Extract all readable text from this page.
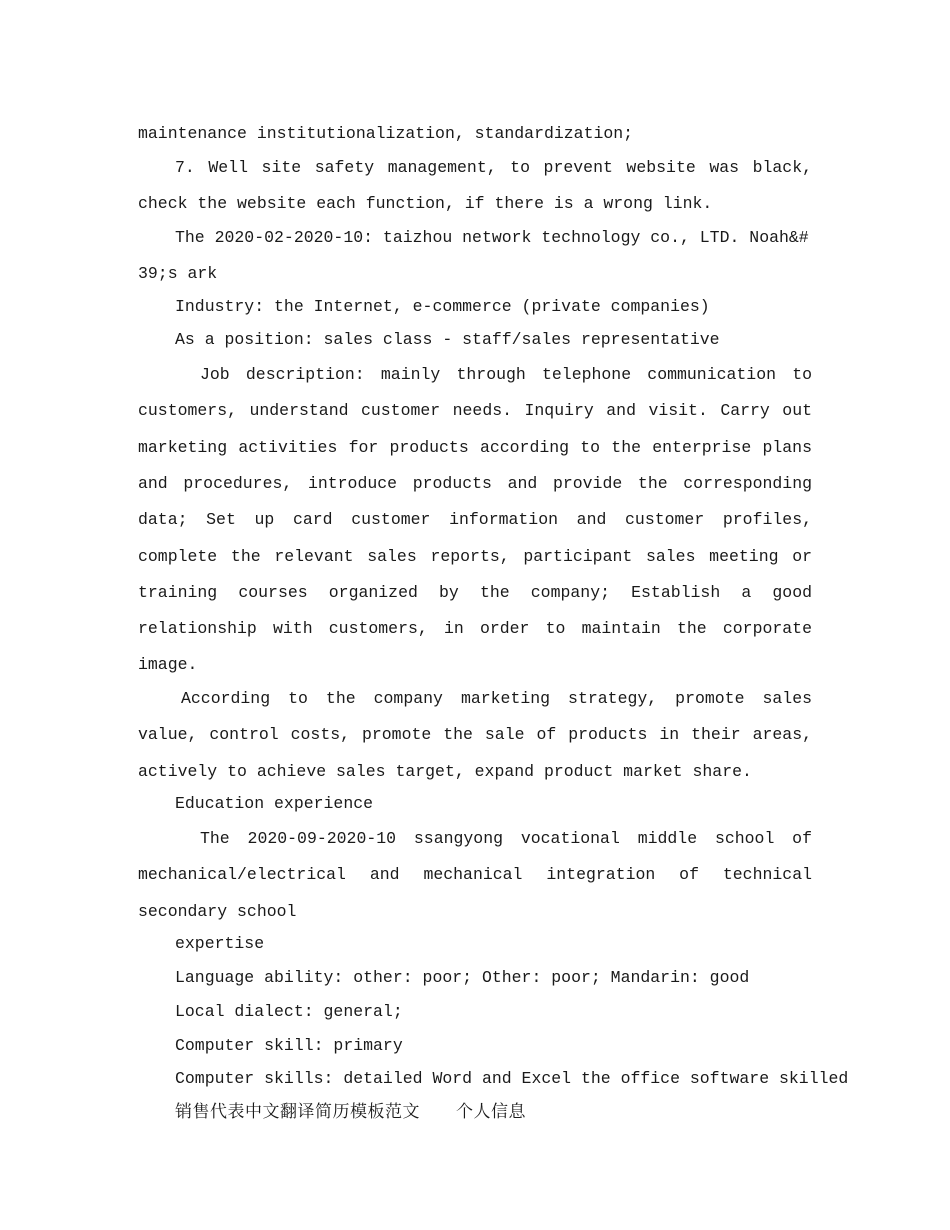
maintenance institutionalization, standardization;

7. Well site safety management, to prevent website was black, check the website each function, if there is a wrong link.

The 2020-02-2020-10: taizhou network technology co., LTD. Noah&#39;s ark

Industry: the Internet, e-commerce (private companies)

As a position: sales class - staff/sales representative

Job description: mainly through telephone communication to customers, understand customer needs. Inquiry and visit. Carry out marketing activities for products according to the enterprise plans and procedures, introduce products and provide the corresponding data; Set up card customer information and customer profiles, complete the relevant sales reports, participant sales meeting or training courses organized by the company; Establish a good relationship with customers, in order to maintain the corporate image.

According to the company marketing strategy, promote sales value, control costs, promote the sale of products in their areas, actively to achieve sales target, expand product market share.

Education experience

The 2020-09-2020-10 ssangyong vocational middle school of mechanical/electrical and mechanical integration of technical secondary school

expertise

Language ability: other: poor; Other: poor; Mandarin: good

Local dialect: general;

Computer skill: primary

Computer skills: detailed Word and Excel the office software skilled

销售代表中文翻译简历模板范文 个人信息
